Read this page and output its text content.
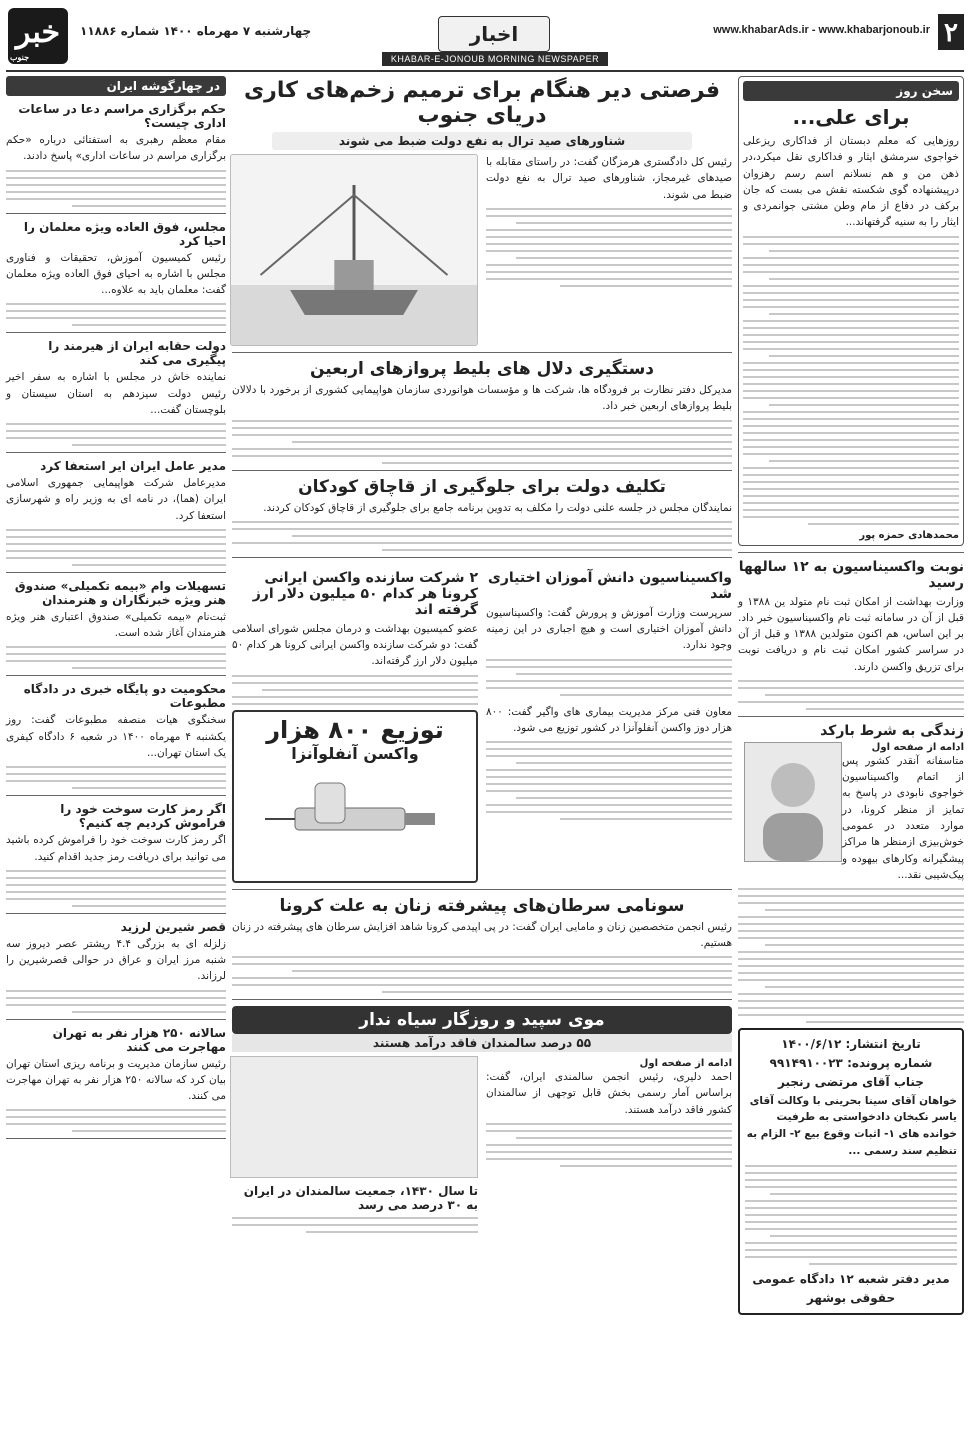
۲
www.khabarAds.ir - www.khabarjonoub.ir
اخبار
KHABAR-E-JONOUB MORNING NEWSPAPER
چهارشنبه ۷ مهرماه ۱۴۰۰ شماره ۱۱۸۸۶
خبر
جنوب
سخن روز
برای علی...
روزهایی که معلم دبستان از فداکاری ریزعلی خواجوی سرمشق ایثار و فداکاری نقل میکرد،در ذهن من و هم نسلانم اسم رسم رهزوان درپیشنهاده گوی شکسته نقش می بست که جان برکف در دفاع از مام وطن مشتی جوانمردی و ایثار را به سنیه گرفتهاند...
محمدهادی حمزه پور
نوبت واکسیناسیون به ۱۲ سالهها رسید
وزارت بهداشت از امکان ثبت نام متولد ین ۱۳۸۸ و قبل از آن در سامانه ثبت نام واکسیناسیون خبر داد. بر این اساس، هم اکنون متولدین ۱۳۸۸ و قبل از آن در سراسر کشور امکان ثبت نام و دریافت نوبت برای تزریق واکسن دارند.
زندگی به شرط بارکد
ادامه از صفحه اول
متاسفانه آنقدر کشور پس از اتمام واکسیناسیون خواجوی نابودی در پاسخ به تمایز از منظر کرونا، در موارد متعدد در عمومی خوش‌بیزی ازمنظر ها مراکز پیشگیرانه وکارهای بیهوده و پیک‌شیبی نقد...
تاریخ انتشار: ۱۴۰۰/۶/۱۲
شماره پرونده: ۹۹۱۴۹۱۰۰۲۳
جناب آقای مرتضی رنجبر
خواهان آقای سینا بحرینی با وکالت آقای یاسر نکبخان دادخواستی به طرفیت خوانده های ۱- اثبات وقوع بیع ۲- الزام به تنظیم سند رسمی ...
مدیر دفتر شعبه ۱۲ دادگاه عمومی حقوقی بوشهر
فرصتی دیر هنگام برای ترمیم زخم‌های کاری دریای جنوب
شناورهای صید ترال به نفع دولت ضبط می شوند
رئیس کل دادگستری هرمزگان گفت: در راستای مقابله با صیدهای غیرمجاز، شناورهای صید ترال به نفع دولت ضبط می شوند.
دستگیری دلال های بلیط پروازهای اربعین
مدیرکل دفتر نظارت بر فرودگاه ها، شرکت ها و مؤسسات هوانوردی سازمان هواپیمایی کشوری از برخورد با دلالان بلیط پروازهای اربعین خبر داد.
تکلیف دولت برای جلوگیری از قاچاق کودکان
نمایندگان مجلس در جلسه علنی دولت را مکلف به تدوین برنامه جامع برای جلوگیری از قاچاق کودکان کردند.
واکسیناسیون دانش آموزان اختیاری شد
سرپرست وزارت آموزش و پرورش گفت: واکسیناسیون دانش آموزان اختیاری است و هیچ اجباری در این زمینه وجود ندارد.
معاون فنی مرکز مدیریت بیماری های واگیر گفت: ۸۰۰ هزار دوز واکسن آنفلوآنزا در کشور توزیع می شود.
۲ شرکت سازنده واکسن ایرانی کرونا هر کدام ۵۰ میلیون دلار ارز گرفته اند
عضو کمیسیون بهداشت و درمان مجلس شورای اسلامی گفت: دو شرکت سازنده واکسن ایرانی کرونا هر کدام ۵۰ میلیون دلار ارز گرفته‌اند.
توزیع ۸۰۰ هزار
واکسن آنفلوآنزا
سونامی سرطان‌های پیشرفته زنان به علت کرونا
رئیس انجمن متخصصین زنان و مامایی ایران گفت: در پی اپیدمی کرونا شاهد افزایش سرطان های پیشرفته در زنان هستیم.
موی سپید و روزگار سیاه ندار
۵۵ درصد سالمندان فاقد درآمد هستند
ادامه از صفحه اول
احمد دلیری، رئیس انجمن سالمندی ایران، گفت: براساس آمار رسمی بخش قابل توجهی از سالمندان کشور فاقد درآمد هستند.
تا سال ۱۴۳۰، جمعیت سالمندان در ایران به ۳۰ درصد می رسد
در چهارگوشه ایران
حکم برگزاری مراسم دعا در ساعات اداری چیست؟
مقام معظم رهبری به استفتائی درباره «حکم برگزاری مراسم در ساعات اداری» پاسخ دادند.
مجلس، فوق العاده ویژه معلمان را احیا کرد
رئیس کمیسیون آموزش، تحقیقات و فناوری مجلس با اشاره به احیای فوق العاده ویژه معلمان گفت: معلمان باید به علاوه...
دولت حقابه ایران از هیرمند را پیگیری می کند
نماینده خاش در مجلس با اشاره به سفر اخیر رئیس دولت سیزدهم به استان سیستان و بلوچستان گفت...
مدیر عامل ایران ایر استعفا کرد
مدیرعامل شرکت هواپیمایی جمهوری اسلامی ایران (هما)، در نامه ای به وزیر راه و شهرسازی استعفا کرد.
تسهیلات وام «بیمه تکمیلی» صندوق هنر ویژه خبرنگاران و هنرمندان
ثبت‌نام «بیمه تکمیلی» صندوق اعتباری هنر ویژه هنرمندان آغاز شده است.
محکومیت دو پایگاه خبری در دادگاه مطبوعات
سخنگوی هیات منصفه مطبوعات گفت: روز یکشنبه ۴ مهرماه ۱۴۰۰ در شعبه ۶ دادگاه کیفری یک استان تهران...
اگر رمز کارت سوخت خود را فراموش کردیم چه کنیم؟
اگر رمز کارت سوخت خود را فراموش کرده باشید می توانید برای دریافت رمز جدید اقدام کنید.
قصر شیرین لرزید
زلزله ای به بزرگی ۴.۴ ریشتر عصر دیروز سه شنبه مرز ایران و عراق در حوالی قصرشیرین را لرزاند.
سالانه ۲۵۰ هزار نفر به تهران مهاجرت می کنند
رئیس سازمان مدیریت و برنامه ریزی استان تهران بیان کرد که سالانه ۲۵۰ هزار نفر به تهران مهاجرت می کنند.
